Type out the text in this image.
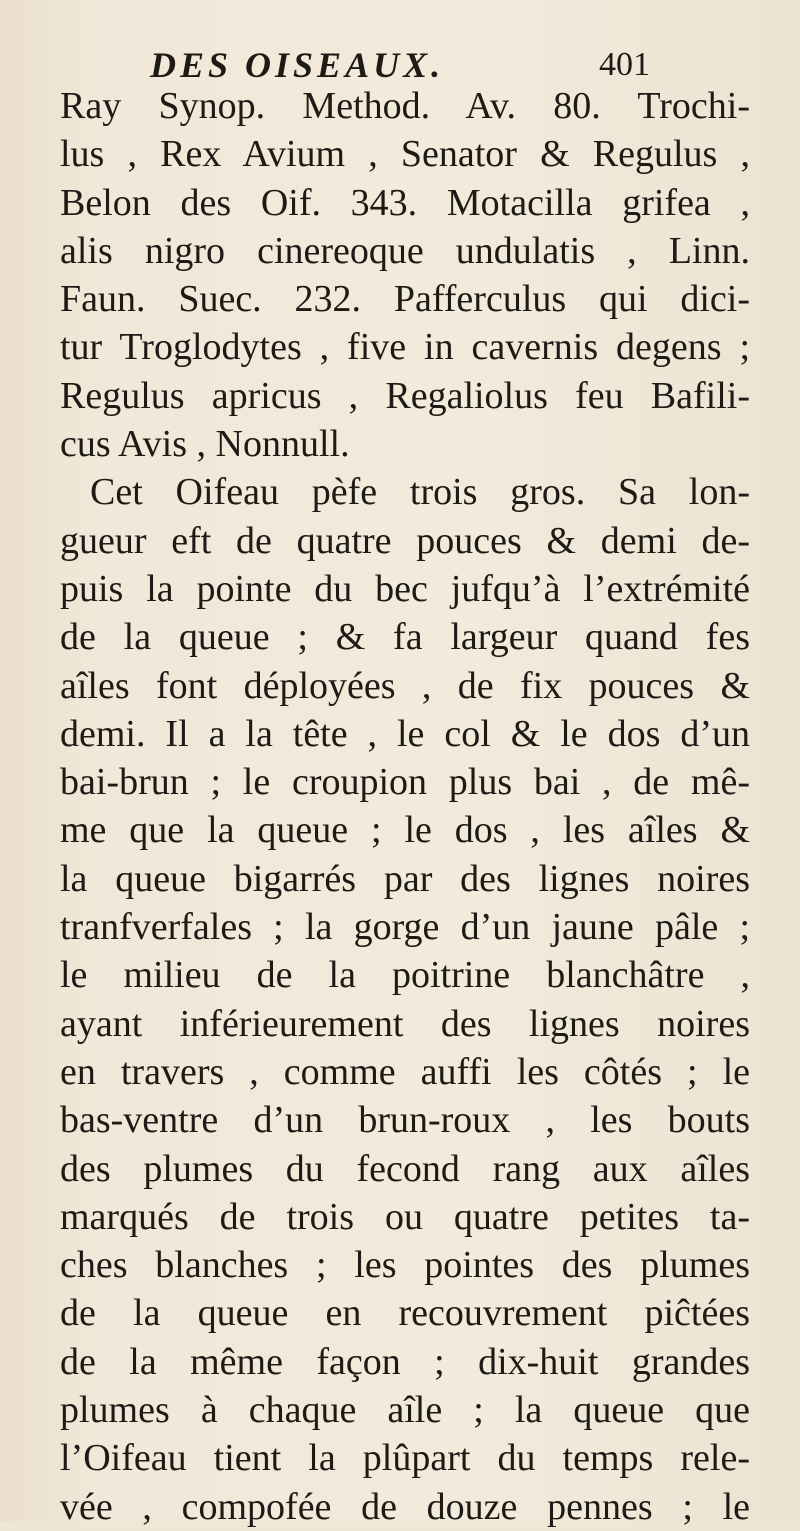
DES OISEAUX.	401
Ray Synop. Method. Av. 80. Trochi-
lus , Rex Avium , Senator & Regulus ,
Belon des Oif. 343. Motacilla grifea ,
alis nigro cinereoque undulatis , Linn.
Faun. Suec. 232. Pafferculus qui dici-
tur Troglodytes , five in cavernis degens ;
Regulus apricus , Regaliolus feu Bafili-
cus Avis , Nonnull.
Cet Oifeau pèfe trois gros. Sa lon-
gueur eft de quatre pouces & demi de-
puis la pointe du bec jufqu’à l’extrémité
de la queue ; & fa largeur quand fes
aîles font déployées , de fix pouces &
demi. Il a la tête , le col & le dos d’un
bai-brun ; le croupion plus bai , de mê-
me que la queue ; le dos , les aîles &
la queue bigarrés par des lignes noires
tranfverfales ; la gorge d’un jaune pâle ;
le milieu de la poitrine blanchâtre ,
ayant inférieurement des lignes noires
en travers , comme auffi les côtés ; le
bas-ventre d’un brun-roux , les bouts
des plumes du fecond rang aux aîles
marqués de trois ou quatre petites ta-
ches blanches ; les pointes des plumes
de la queue en recouvrement piĉtées
de la même façon ; dix-huit grandes
plumes à chaque aîle ; la queue que
l’Oifeau tient la plûpart du temps rele-
vée , compofée de douze pennes ; le
